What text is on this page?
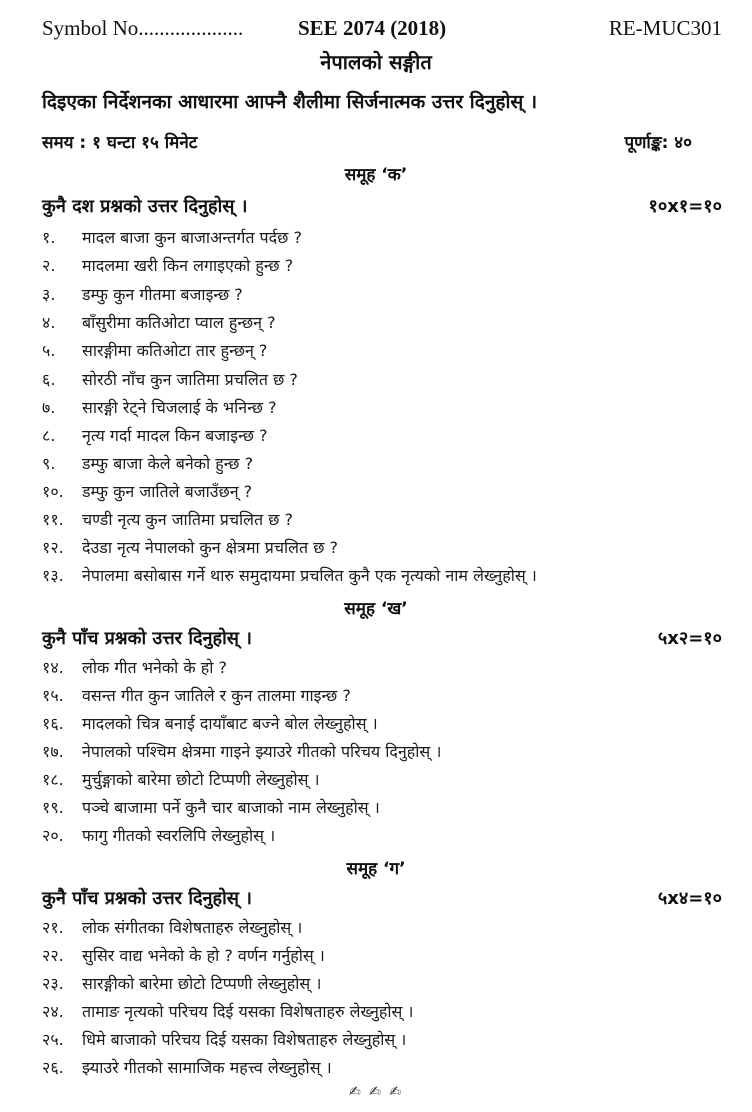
Symbol No....................	SEE 2074 (2018)	RE-MUC301
नेपालको सङ्गीत
दिइएका निर्देशनका आधारमा आफ्नै शैलीमा सिर्जनात्मक उत्तर दिनुहोस् ।
समय : १ घन्टा १५ मिनेट	पूर्णाङ्क: ४०
समूह ‘क’
कुनै दश प्रश्नको उत्तर दिनुहोस् ।	१०x१=१०
१. मादल बाजा कुन बाजाअन्तर्गत पर्दछ ?
२. मादलमा खरी किन लगाइएको हुन्छ ?
३. डम्फु कुन गीतमा बजाइन्छ ?
४. बाँसुरीमा कतिओटा प्वाल हुन्छन् ?
५. सारङ्गीमा कतिओटा तार हुन्छन् ?
६. सोरठी नाँच कुन जातिमा प्रचलित छ ?
७. सारङ्गी रेट्ने चिजलाई के भनिन्छ ?
८. नृत्य गर्दा मादल किन बजाइन्छ ?
९. डम्फु बाजा केले बनेको हुन्छ ?
१०. डम्फु कुन जातिले बजाउँछन् ?
११. चण्डी नृत्य कुन जातिमा प्रचलित छ ?
१२. देउडा नृत्य नेपालको कुन क्षेत्रमा प्रचलित छ ?
१३. नेपालमा बसोबास गर्ने थारु समुदायमा प्रचलित कुनै एक नृत्यको नाम लेख्नुहोस् ।
समूह ‘ख’
कुनै पाँच प्रश्नको उत्तर दिनुहोस् ।	५x२=१०
१४. लोक गीत भनेको के हो ?
१५. वसन्त गीत कुन जातिले र कुन तालमा गाइन्छ ?
१६. मादलको चित्र बनाई दायाँबाट बज्ने बोल लेख्नुहोस् ।
१७. नेपालको पश्चिम क्षेत्रमा गाइने झ्याउरे गीतको परिचय दिनुहोस् ।
१८. मुर्चुङ्गाको बारेमा छोटो टिप्पणी लेख्नुहोस् ।
१९. पञ्चे बाजामा पर्ने कुनै चार बाजाको नाम लेख्नुहोस् ।
२०. फागु गीतको स्वरलिपि लेख्नुहोस् ।
समूह ‘ग’
कुनै पाँच प्रश्नको उत्तर दिनुहोस् ।	५x४=१०
२१. लोक संगीतका विशेषताहरु लेख्नुहोस् ।
२२. सुसिर वाद्य भनेको के हो ? वर्णन गर्नुहोस् ।
२३. सारङ्गीको बारेमा छोटो टिप्पणी लेख्नुहोस् ।
२४. तामाङ नृत्यको परिचय दिई यसका विशेषताहरु लेख्नुहोस् ।
२५. धिमे बाजाको परिचय दिई यसका विशेषताहरु लेख्नुहोस् ।
२६. झ्याउरे गीतको सामाजिक महत्त्व लेख्नुहोस् ।
✍ ✍ ✍
